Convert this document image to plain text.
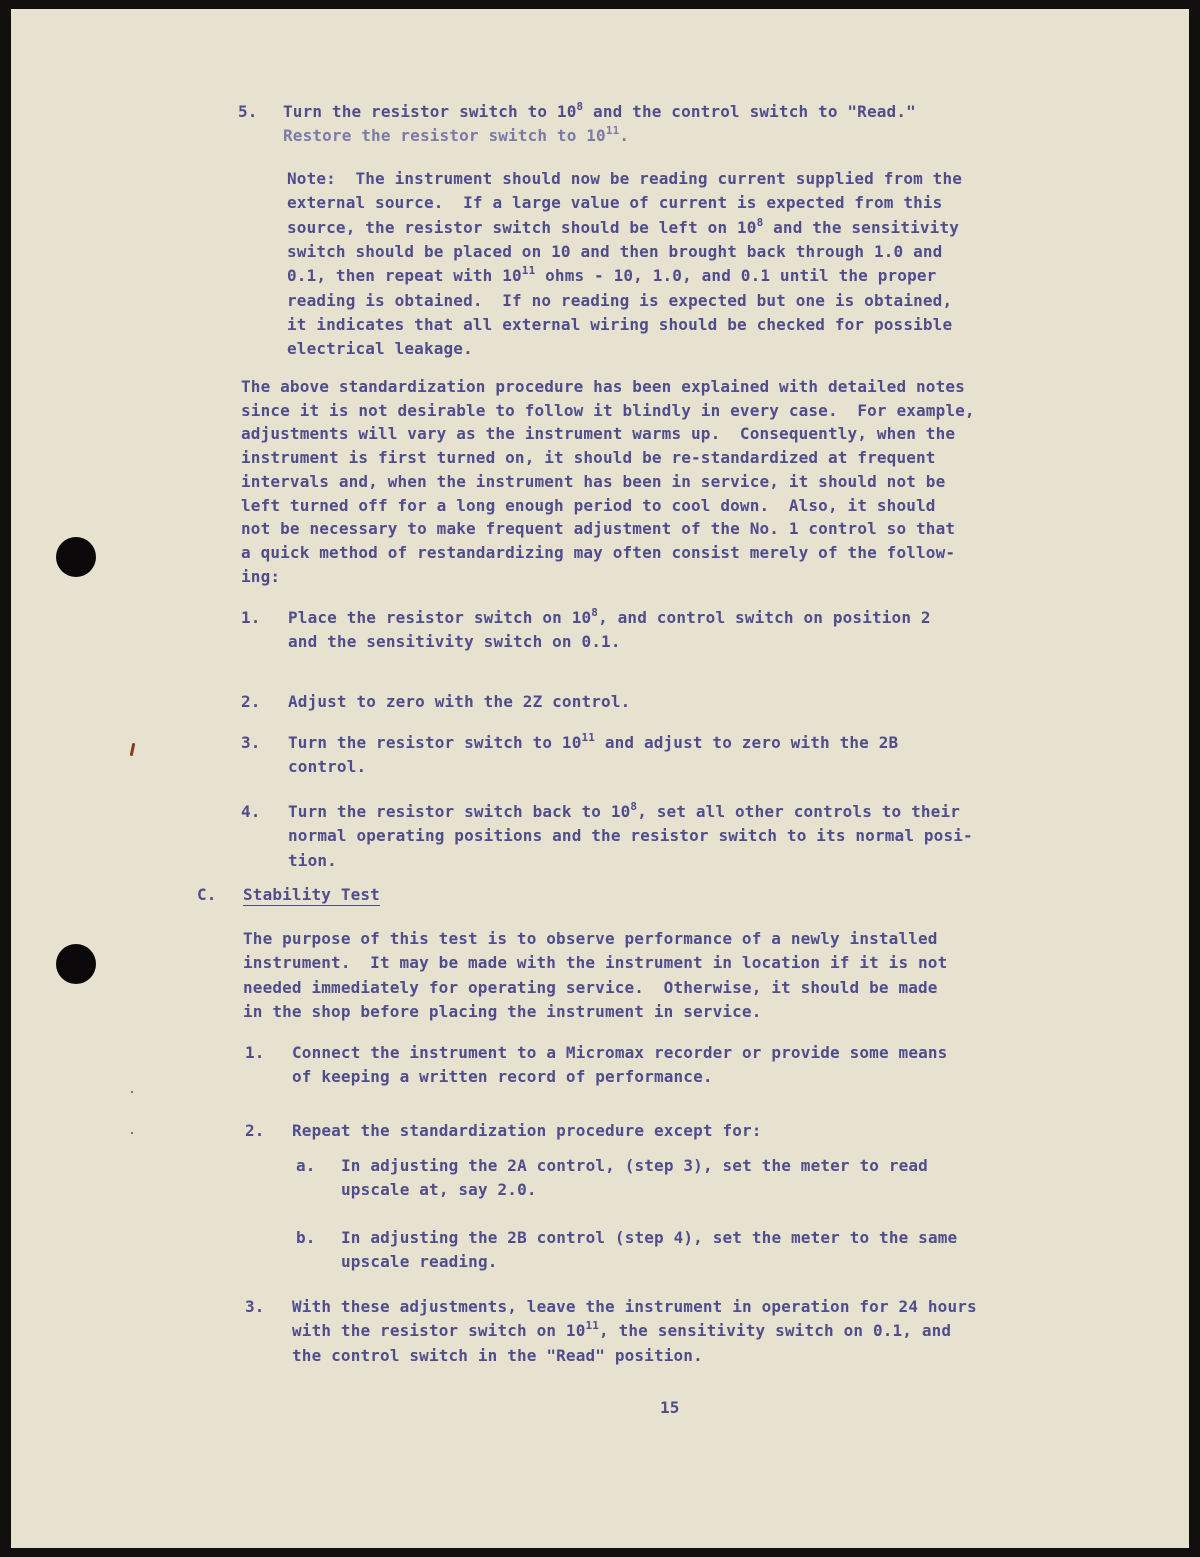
5. Turn the resistor switch to $10^8$ and the control switch to "Read."

Restore the resistor switch to $10^{11}$.

Note:  The instrument should now be reading current supplied from the

external source.  If a large value of current is expected from this

source, the resistor switch should be left on $10^8$ and the sensitivity

switch should be placed on 10 and then brought back through 1.0 and

0.1, then repeat with $10^{11}$ ohms - 10, 1.0, and 0.1 until the proper

reading is obtained.  If no reading is expected but one is obtained,

it indicates that all external wiring should be checked for possible

electrical leakage.

The above standardization procedure has been explained with detailed notes

since it is not desirable to follow it blindly in every case.  For example,

adjustments will vary as the instrument warms up.  Consequently, when the

instrument is first turned on, it should be re-standardized at frequent

intervals and, when the instrument has been in service, it should not be

left turned off for a long enough period to cool down.  Also, it should

not be necessary to make frequent adjustment of the No. 1 control so that

a quick method of restandardizing may often consist merely of the follow-

ing:

1. Place the resistor switch on $10^8$, and control switch on position 2

and the sensitivity switch on 0.1.

2. Adjust to zero with the 2Z control.

3. Turn the resistor switch to $10^{11}$ and adjust to zero with the 2B

control.

4. Turn the resistor switch back to $10^8$, set all other controls to their

normal operating positions and the resistor switch to its normal posi-

tion.

C. Stability Test

The purpose of this test is to observe performance of a newly installed

instrument.  It may be made with the instrument in location if it is not

needed immediately for operating service.  Otherwise, it should be made

in the shop before placing the instrument in service.

1. Connect the instrument to a Micromax recorder or provide some means

of keeping a written record of performance.

2. Repeat the standardization procedure except for:

a. In adjusting the 2A control, (step 3), set the meter to read

upscale at, say 2.0.

b. In adjusting the 2B control (step 4), set the meter to the same

upscale reading.

3. With these adjustments, leave the instrument in operation for 24 hours

with the resistor switch on $10^{11}$, the sensitivity switch on 0.1, and

the control switch in the "Read" position.

15
